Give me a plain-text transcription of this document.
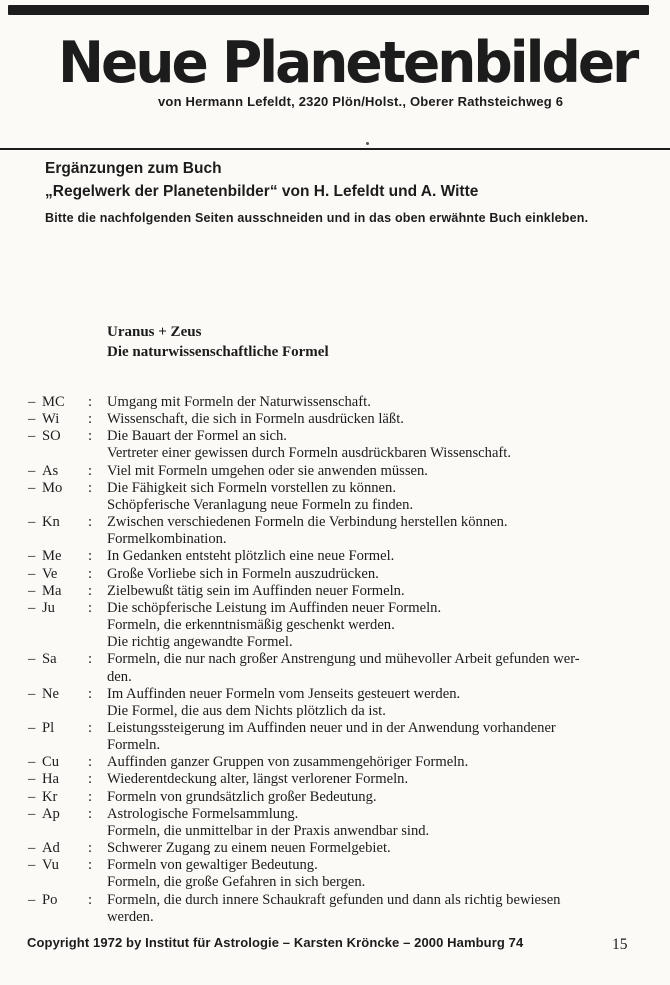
Neue Planetenbilder
von Hermann Lefeldt, 2320 Plön/Holst., Oberer Rathsteichweg 6
Ergänzungen zum Buch
„Regelwerk der Planetenbilder“ von H. Lefeldt und A. Witte
Bitte die nachfolgenden Seiten ausschneiden und in das oben erwähnte Buch einkleben.
Uranus + Zeus
Die naturwissenschaftliche Formel
– MC	:	Umgang mit Formeln der Naturwissenschaft.
– Wi	:	Wissenschaft, die sich in Formeln ausdrücken läßt.
– SO	:	Die Bauart der Formel an sich.
Vertreter einer gewissen durch Formeln ausdrückbaren Wissenschaft.
– As	:	Viel mit Formeln umgehen oder sie anwenden müssen.
– Mo	:	Die Fähigkeit sich Formeln vorstellen zu können.
Schöpferische Veranlagung neue Formeln zu finden.
– Kn	:	Zwischen verschiedenen Formeln die Verbindung herstellen können.
Formelkombination.
– Me	:	In Gedanken entsteht plötzlich eine neue Formel.
– Ve	:	Große Vorliebe sich in Formeln auszudrücken.
– Ma	:	Zielbewußt tätig sein im Auffinden neuer Formeln.
– Ju	:	Die schöpferische Leistung im Auffinden neuer Formeln.
Formeln, die erkenntnismäßig geschenkt werden.
Die richtig angewandte Formel.
– Sa	:	Formeln, die nur nach großer Anstrengung und mühevoller Arbeit gefunden wer-
den.
– Ne	:	Im Auffinden neuer Formeln vom Jenseits gesteuert werden.
Die Formel, die aus dem Nichts plötzlich da ist.
– Pl	:	Leistungssteigerung im Auffinden neuer und in der Anwendung vorhandener
Formeln.
– Cu	:	Auffinden ganzer Gruppen von zusammengehöriger Formeln.
– Ha	:	Wiederentdeckung alter, längst verlorener Formeln.
– Kr	:	Formeln von grundsätzlich großer Bedeutung.
– Ap	:	Astrologische Formelsammlung.
Formeln, die unmittelbar in der Praxis anwendbar sind.
– Ad	:	Schwerer Zugang zu einem neuen Formelgebiet.
– Vu	:	Formeln von gewaltiger Bedeutung.
Formeln, die große Gefahren in sich bergen.
– Po	:	Formeln, die durch innere Schaukraft gefunden und dann als richtig bewiesen
werden.
Copyright 1972 by Institut für Astrologie – Karsten Kröncke – 2000 Hamburg 74	15
